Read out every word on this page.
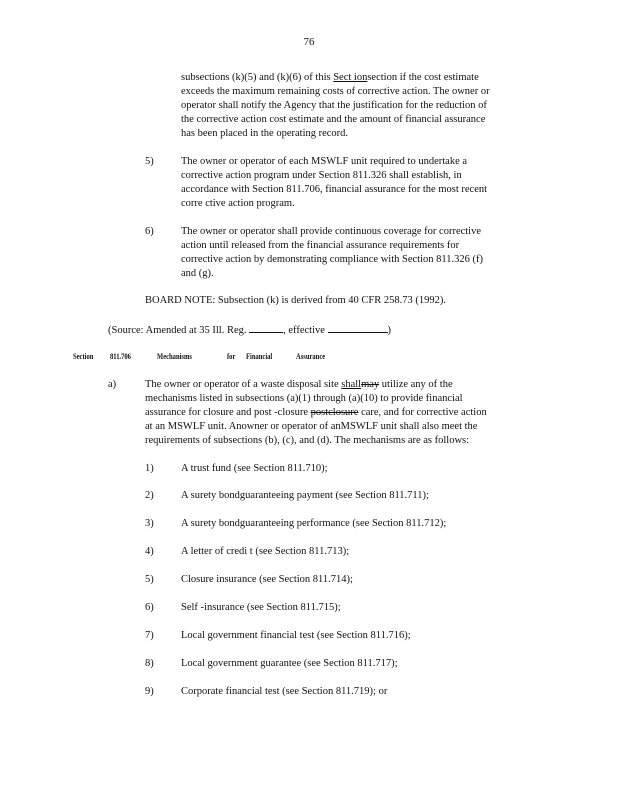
76
subsections (k)(5) and (k)(6) of this Sect ionsection if the cost estimate
exceeds the maximum remaining costs of corrective action. The owner or
operator shall notify the Agency that the justification for the reduction of
the corrective action cost estimate and the amount of financial assurance
has been placed in the operating record.
5)	The owner or operator of each MSWLF unit required to undertake a
corrective action program under Section 811.326 shall establish, in
accordance with Section 811.706, financial assurance for the most recent
corre ctive action program.
6)	The owner or operator shall provide continuous coverage for corrective
action until released from the financial assurance requirements for
corrective action by demonstrating compliance with Section 811.326 (f)
and (g).
BOARD NOTE: Subsection (k) is derived from 40 CFR 258.73 (1992).
(Source: Amended at 35 Ill. Reg.	, effective	)
Section 811.706	Mechanisms	for Financial	Assurance
a)	The owner or operator of a waste disposal site shallmay utilize any of the
mechanisms listed in subsections (a)(1) through (a)(10) to provide financial
assurance for closure and post -closure postclosure care, and for corrective action
at an MSWLF unit. Anowner or operator of anMSWLF unit shall also meet the
requirements of subsections (b), (c), and (d). The mechanisms are as follows:
1)	A trust fund (see Section 811.710);
2)	A surety bondguaranteeing payment (see Section 811.711);
3)	A surety bondguaranteeing performance (see Section 811.712);
4)	A letter of credi t (see Section 811.713);
5)	Closure insurance (see Section 811.714);
6)	Self -insurance (see Section 811.715);
7)	Local government financial test (see Section 811.716);
8)	Local government guarantee (see Section 811.717);
9)	Corporate financial test (see Section 811.719); or
